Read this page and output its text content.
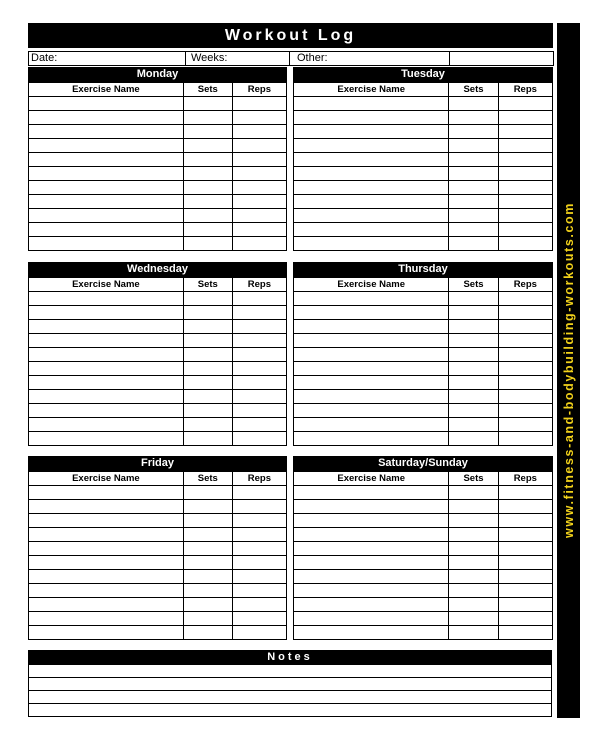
www.fitness-and-bodybuilding-workouts.com
Workout Log
Date:	Weeks:	Other:
Monday
Exercise Name	Sets	Reps

Tuesday
Exercise Name	Sets	Reps

Wednesday
Exercise Name	Sets	Reps

Thursday
Exercise Name	Sets	Reps

Friday
Exercise Name	Sets	Reps

Saturday/Sunday
Exercise Name	Sets	Reps

Notes
